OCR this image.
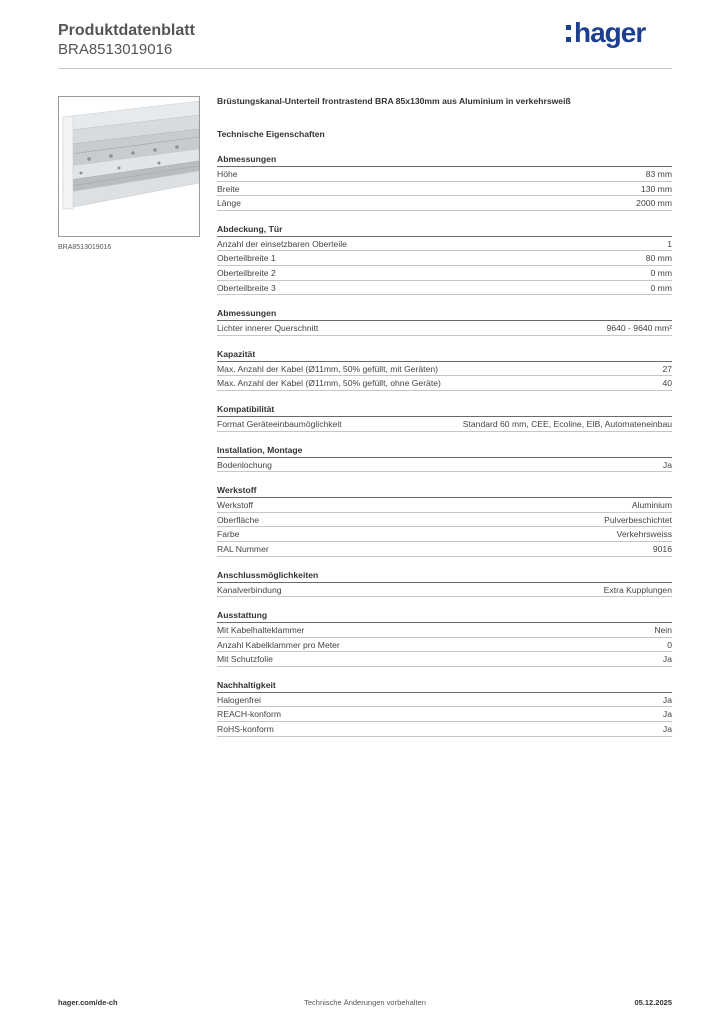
Produktdatenblatt
BRA8513019016
hager
BRA8513019016
Brüstungskanal-Unterteil frontrastend BRA 85x130mm aus Aluminium in verkehrsweiß
Technische Eigenschaften
Abmessungen
Höhe	83 mm
Breite	130 mm
Länge	2000 mm
Abdeckung, Tür
Anzahl der einsetzbaren Oberteile	1
Oberteilbreite 1	80 mm
Oberteilbreite 2	0 mm
Oberteilbreite 3	0 mm
Abmessungen
Lichter innerer Querschnitt	9640 - 9640 mm²
Kapazität
Max. Anzahl der Kabel (Ø11mm, 50% gefüllt, mit Geräten)	27
Max. Anzahl der Kabel (Ø11mm, 50% gefüllt, ohne Geräte)	40
Kompatibilität
Format Geräteeinbaumöglichkeit	Standard 60 mm, CEE, Ecoline, EIB, Automateneinbau
Installation, Montage
Bodenlochung	Ja
Werkstoff
Werkstoff	Aluminium
Oberfläche	Pulverbeschichtet
Farbe	Verkehrsweiss
RAL Nummer	9016
Anschlussmöglichkeiten
Kanalverbindung	Extra Kupplungen
Ausstattung
Mit Kabelhalteklammer	Nein
Anzahl Kabelklammer pro Meter	0
Mit Schutzfolie	Ja
Nachhaltigkeit
Halogenfrei	Ja
REACH-konform	Ja
RoHS-konform	Ja
hager.com/de-ch	Technische Änderungen vorbehalten	05.12.2025
